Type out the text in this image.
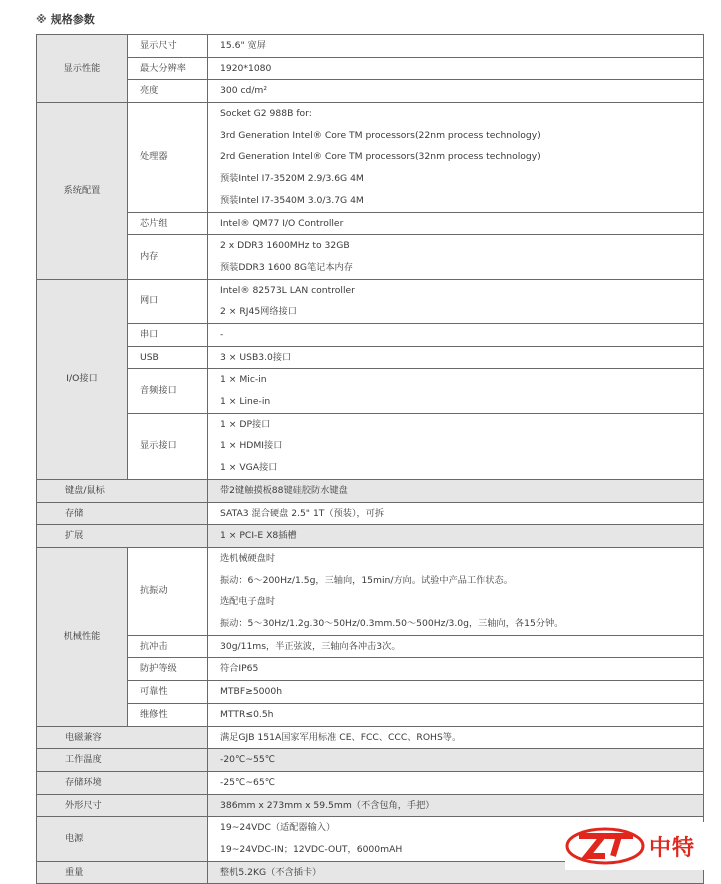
※ 规格参数
显示性能	显示尺寸	15.6" 宽屏
	最大分辨率	1920*1080
	亮度	300 cd/m²
系统配置	处理器	Socket G2 988B for:
3rd Generation Intel® Core TM processors(22nm process technology)
2rd Generation Intel® Core TM processors(32nm process technology)
预装Intel I7-3520M 2.9/3.6G 4M
预装Intel I7-3540M 3.0/3.7G 4M

	芯片组	Intel® QM77 I/O Controller
	内存	2 x DDR3 1600MHz to 32GB
预装DDR3 1600 8G笔记本内存

I/O接口	网口	Intel® 82573L LAN controller
2 × RJ45网络接口

	串口	-
	USB	3 × USB3.0接口
	音频接口	1 × Mic-in
1 × Line-in

	显示接口	1 × DP接口
1 × HDMI接口
1 × VGA接口

键盘/鼠标		带2键触摸板88键硅胶防水键盘
存储		SATA3 混合硬盘 2.5" 1T（预装），可拆
扩展		1 × PCI-E X8插槽
机械性能	抗振动	选机械硬盘时
振动：6～200Hz/1.5g，三轴向，15min/方向。试验中产品工作状态。
选配电子盘时
振动：5～30Hz/1.2g.30～50Hz/0.3mm.50～500Hz/3.0g，三轴向，各15分钟。

	抗冲击	30g/11ms，半正弦波，三轴向各冲击3次。
	防护等级	符合IP65
	可靠性	MTBF≥5000h
	维修性	MTTR≤0.5h
电磁兼容		满足GJB 151A国家军用标准 CE、FCC、CCC、ROHS等。
工作温度		-20℃~55℃
存储环境		-25℃~65℃
外形尺寸		386mm x 273mm x 59.5mm（不含包角，手把）
电源		19~24VDC（适配器输入）
19~24VDC-IN；12VDC-OUT，6000mAH

重量		整机5.2KG（不含插卡）
中特
